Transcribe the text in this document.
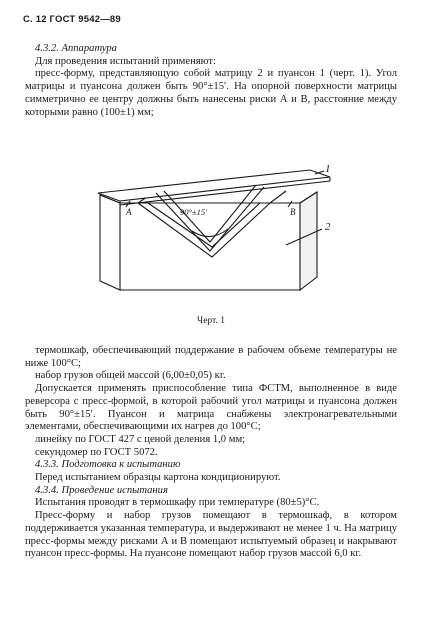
С. 12 ГОСТ 9542—89

4.3.2. Аппаратура

Для проведения испытаний применяют:

пресс-форму, представляющую собой матрицу 2 и пуансон 1 (черт. 1). Угол матрицы и пуансона должен быть 90°±15′. На опорной поверхности матрицы симметрично ее центру должны быть нанесены риски А и В, расстояние между которыми равно (100±1) мм;

1
2
A	B
90°±15′
Черт. 1

термошкаф, обеспечивающий поддержание в рабочем объеме температуры не ниже 100°С;

набор грузов общей массой (6,00±0,05) кг.

Допускается применять приспособление типа ФСТМ, выполненное в виде реверсора с пресс-формой, в которой рабочий угол матрицы и пуансона должен быть 90°±15′. Пуансон и матрица снабжены электронагревательными элементами, обеспечивающими их нагрев до 100°С;

линейку по ГОСТ 427 с ценой деления 1,0 мм;

секундомер по ГОСТ 5072.

4.3.3. Подготовка к испытанию

Перед испытанием образцы картона кондиционируют.

4.3.4. Проведение испытания

Испытания проводят в термошкафу при температуре (80±5)°С.

Пресс-форму и набор грузов помещают в термошкаф, в котором поддерживается указанная температура, и выдерживают не менее 1 ч. На матрицу пресс-формы между рисками А и В помещают испытуемый образец и накрывают пуансон пресс-формы. На пуансоне помещают набор грузов массой 6,0 кг.
